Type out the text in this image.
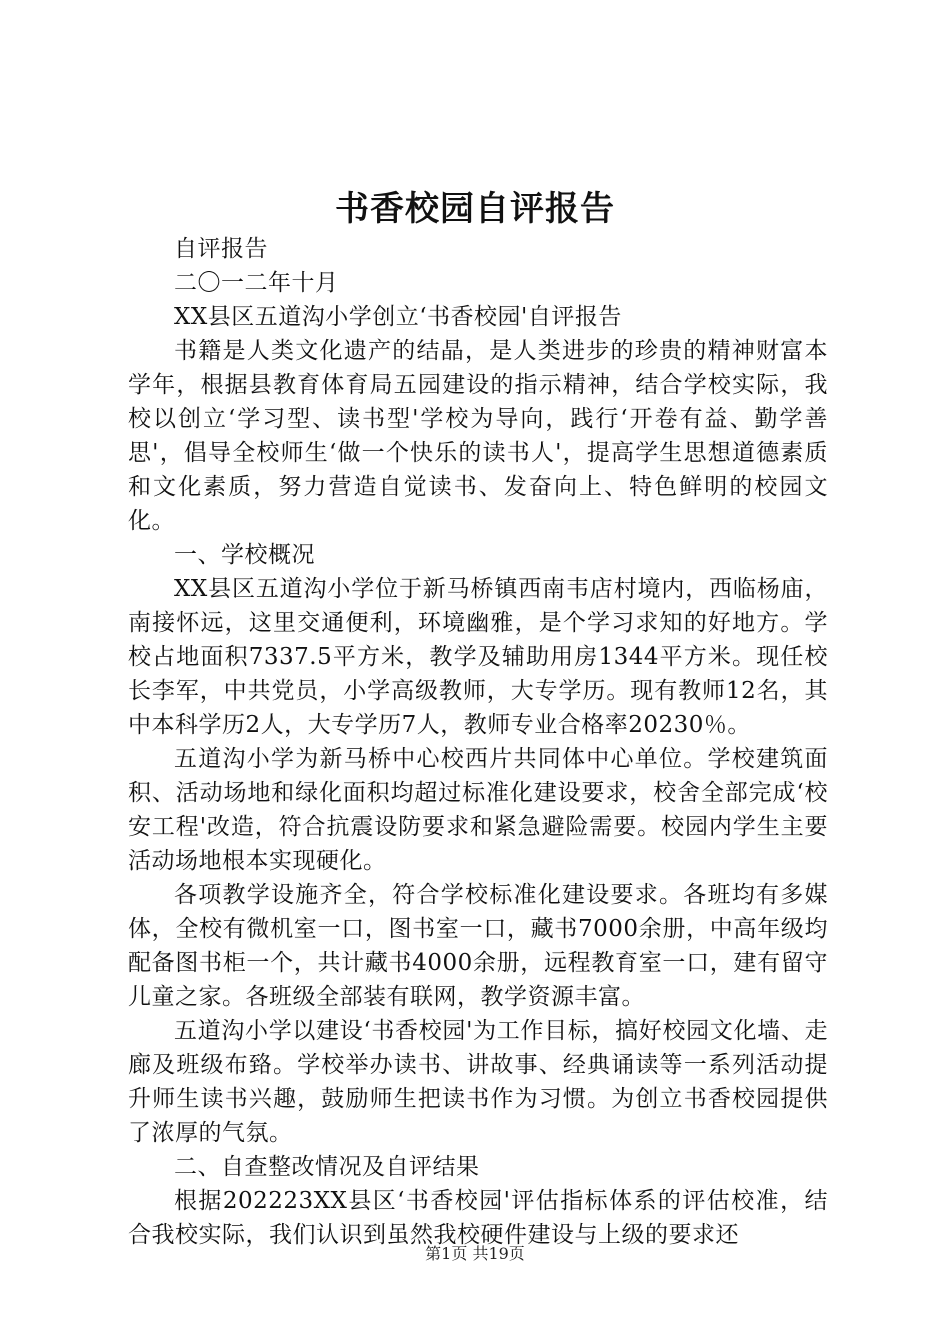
书香校园自评报告

自评报告

二〇一二年十月

XX县区五道沟小学创立‘书香校园'自评报告

书籍是人类文化遗产的结晶，是人类进步的珍贵的精神财富本学年，根据县教育体育局五园建设的指示精神，结合学校实际，我校以创立‘学习型、读书型'学校为导向，践行‘开卷有益、勤学善思'，倡导全校师生‘做一个快乐的读书人'，提高学生思想道德素质和文化素质，努力营造自觉读书、发奋向上、特色鲜明的校园文化。

一、学校概况

XX县区五道沟小学位于新马桥镇西南韦店村境内，西临杨庙，南接怀远，这里交通便利，环境幽雅，是个学习求知的好地方。学校占地面积7337.5平方米，教学及辅助用房1344平方米。现任校长李军，中共党员，小学高级教师，大专学历。现有教师12名，其中本科学历2人，大专学历7人，教师专业合格率20230％。

五道沟小学为新马桥中心校西片共同体中心单位。学校建筑面积、活动场地和绿化面积均超过标准化建设要求，校舍全部完成‘校安工程'改造，符合抗震设防要求和紧急避险需要。校园内学生主要活动场地根本实现硬化。

各项教学设施齐全，符合学校标准化建设要求。各班均有多媒体，全校有微机室一口，图书室一口，藏书7000余册，中高年级均配备图书柜一个，共计藏书4000余册，远程教育室一口，建有留守儿童之家。各班级全部装有联网，教学资源丰富。

五道沟小学以建设‘书香校园'为工作目标，搞好校园文化墙、走廊及班级布臵。学校举办读书、讲故事、经典诵读等一系列活动提升师生读书兴趣，鼓励师生把读书作为习惯。为创立书香校园提供了浓厚的气氛。

二、自查整改情况及自评结果

根据202223XX县区‘书香校园'评估指标体系的评估校准，结合我校实际，我们认识到虽然我校硬件建设与上级的要求还

第1页 共19页
